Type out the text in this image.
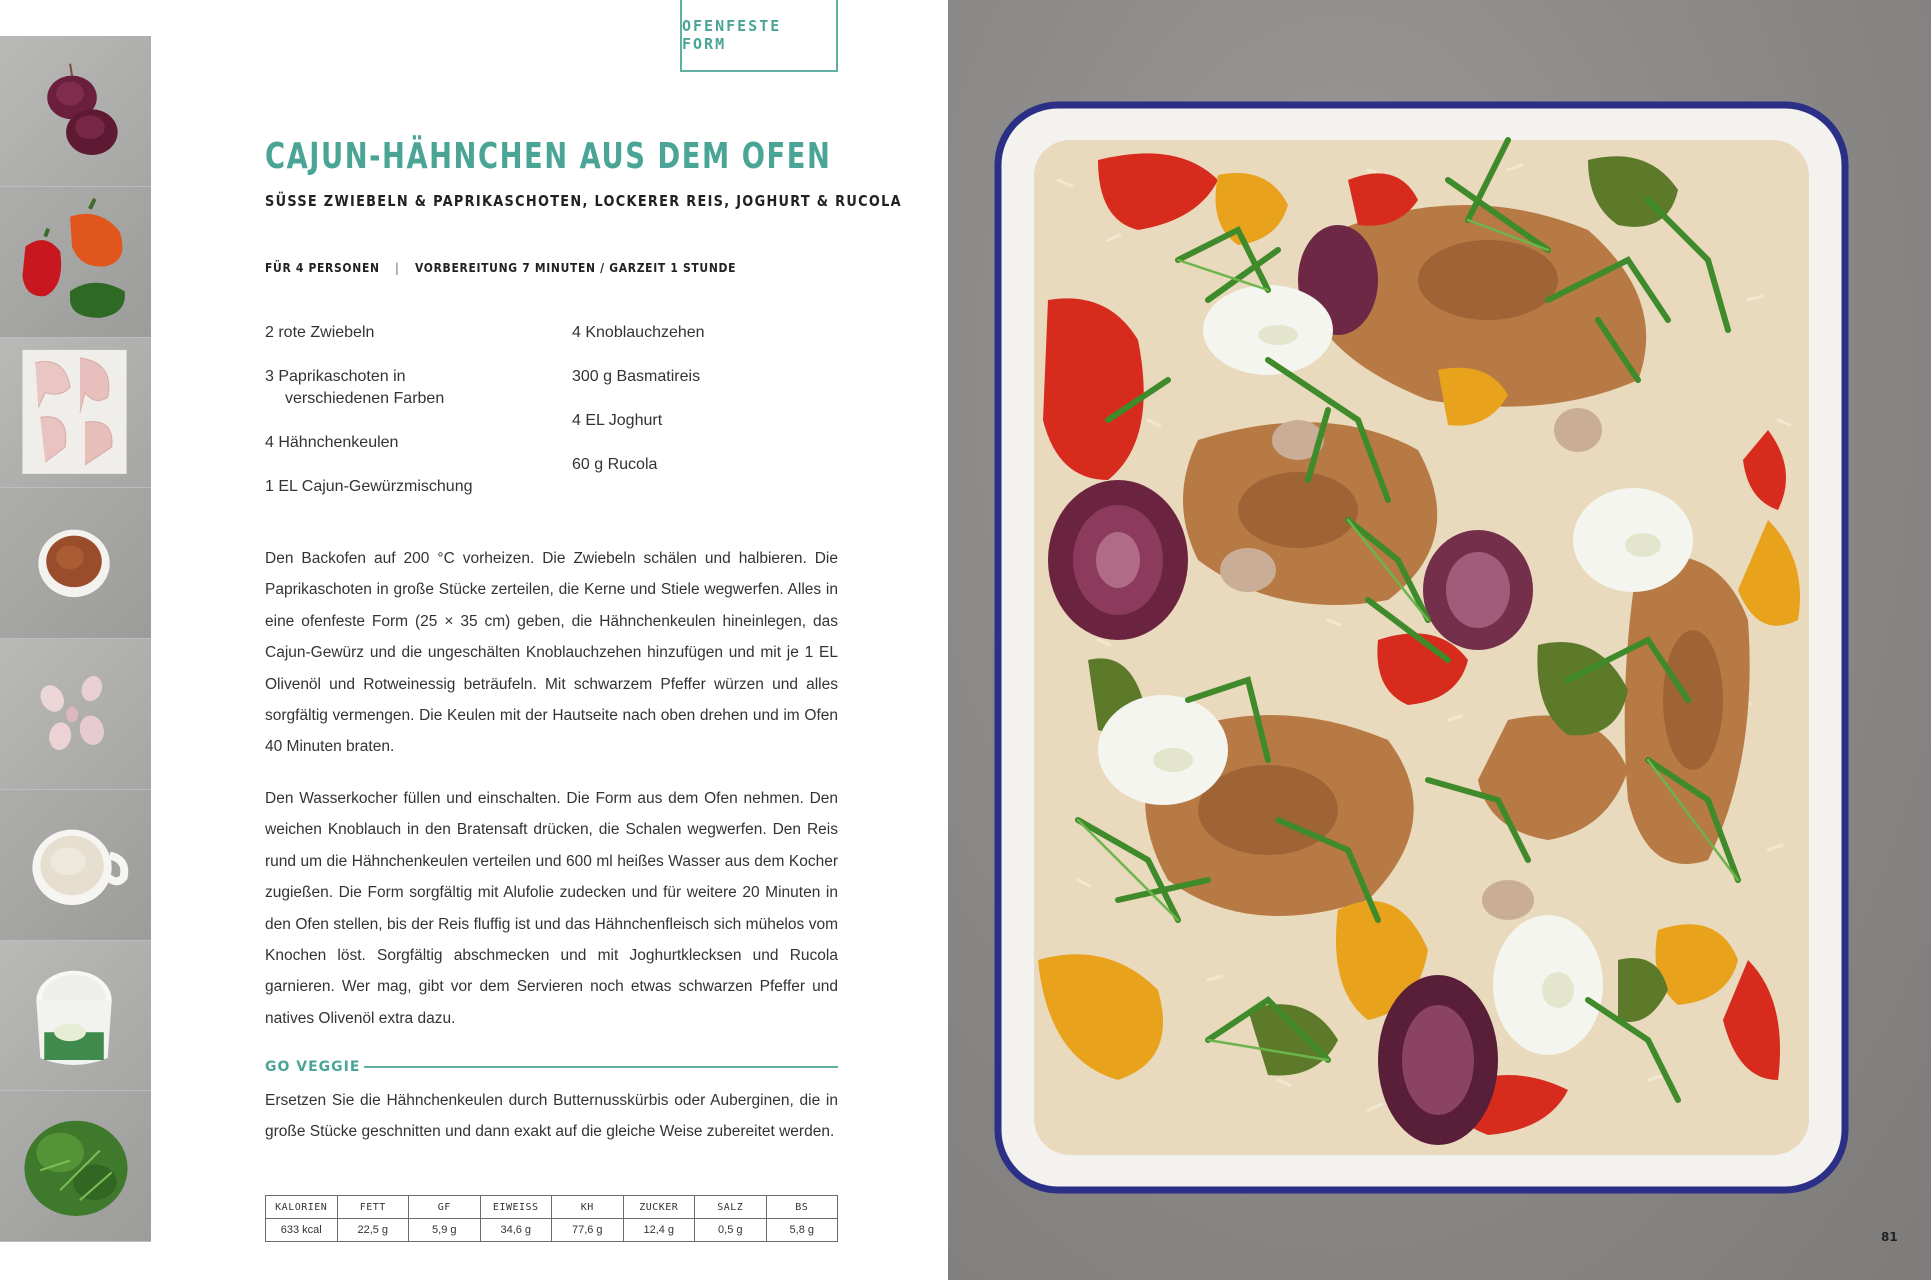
OFENFESTE FORM
CAJUN-HÄHNCHEN AUS DEM OFEN
SÜSSE ZWIEBELN & PAPRIKASCHOTEN, LOCKERER REIS, JOGHURT & RUCOLA
FÜR 4 PERSONEN | VORBEREITUNG 7 MINUTEN / GARZEIT 1 STUNDE
2 rote Zwiebeln
3 Paprikaschoten in
verschiedenen Farben
4 Hähnchenkeulen
1 EL Cajun-Gewürzmischung
4 Knoblauchzehen
300 g Basmatireis
4 EL Joghurt
60 g Rucola

Den Backofen auf 200 °C vorheizen. Die Zwiebeln schälen und halbieren. Die Paprikaschoten in große Stücke zerteilen, die Kerne und Stiele wegwerfen. Alles in eine ofenfeste Form (25 × 35 cm) geben, die Hähnchenkeulen hineinlegen, das Cajun-Gewürz und die ungeschälten Knoblauchzehen hinzufügen und mit je 1 EL Olivenöl und Rotweinessig beträufeln. Mit schwarzem Pfeffer würzen und alles sorgfältig vermengen. Die Keulen mit der Hautseite nach oben drehen und im Ofen 40 Minuten braten.

Den Wasserkocher füllen und einschalten. Die Form aus dem Ofen nehmen. Den weichen Knoblauch in den Bratensaft drücken, die Schalen wegwerfen. Den Reis rund um die Hähnchenkeulen verteilen und 600 ml heißes Wasser aus dem Kocher zugießen. Die Form sorgfältig mit Alufolie zudecken und für weitere 20 Minuten in den Ofen stellen, bis der Reis fluffig ist und das Hähnchenfleisch sich mühelos vom Knochen löst. Sorgfältig abschmecken und mit Joghurtklecksen und Rucola garnieren. Wer mag, gibt vor dem Servieren noch etwas schwarzen Pfeffer und natives Olivenöl extra dazu.

GO VEGGIE

Ersetzen Sie die Hähnchenkeulen durch Butternusskürbis oder Auberginen, die in große Stücke geschnitten und dann exakt auf die gleiche Weise zubereitet werden.

KALORIEN	FETT	GF	EIWEISS	KH	ZUCKER	SALZ	BS
633 kcal	22,5 g	5,9 g	34,6 g	77,6 g	12,4 g	0,5 g	5,8 g	81
